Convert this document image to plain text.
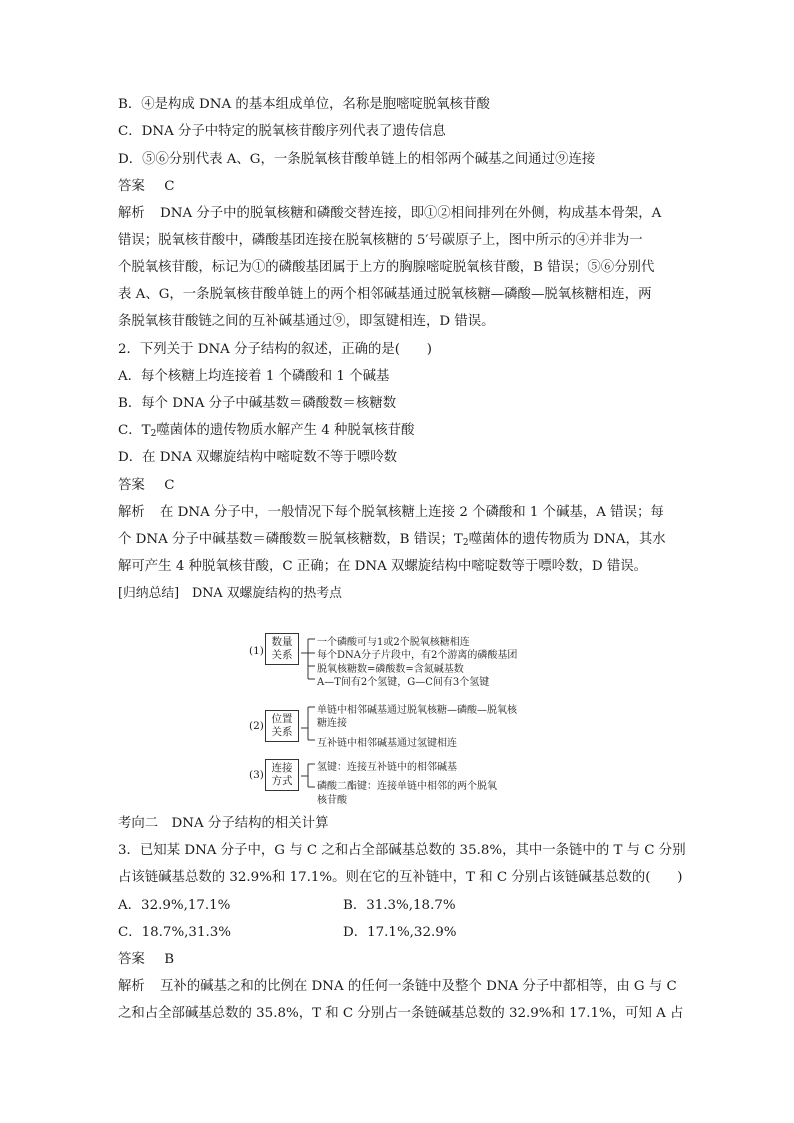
B．④是构成 DNA 的基本组成单位，名称是胞嘧啶脱氧核苷酸
C．DNA 分子中特定的脱氧核苷酸序列代表了遗传信息
D．⑤⑥分别代表 A、G，一条脱氧核苷酸单链上的相邻两个碱基之间通过⑨连接
答案 C
解析 DNA 分子中的脱氧核糖和磷酸交替连接，即①②相间排列在外侧，构成基本骨架，A
错误；脱氧核苷酸中，磷酸基团连接在脱氧核糖的 5′号碳原子上，图中所示的④并非为一
个脱氧核苷酸，标记为①的磷酸基团属于上方的胸腺嘧啶脱氧核苷酸，B 错误；⑤⑥分别代
表 A、G，一条脱氧核苷酸单链上的两个相邻碱基通过脱氧核糖—磷酸—脱氧核糖相连，两
条脱氧核苷酸链之间的互补碱基通过⑨，即氢键相连，D 错误。
2．下列关于 DNA 分子结构的叙述，正确的是(　　)
A．每个核糖上均连接着 1 个磷酸和 1 个碱基
B．每个 DNA 分子中碱基数＝磷酸数＝核糖数
C．$T_2$噬菌体的遗传物质水解产生 4 种脱氧核苷酸
D．在 DNA 双螺旋结构中嘧啶数不等于嘌呤数
答案 C
解析 在 DNA 分子中，一般情况下每个脱氧核糖上连接 2 个磷酸和 1 个碱基，A 错误；每
个 DNA 分子中碱基数＝磷酸数＝脱氧核糖数，B 错误；$T_2$噬菌体的遗传物质为 DNA，其水
解可产生 4 种脱氧核苷酸，C 正确；在 DNA 双螺旋结构中嘧啶数等于嘌呤数，D 错误。
[归纳总结]　DNA 双螺旋结构的热考点
(1)
数量
关系
一个磷酸可与1或2个脱氧核糖相连
每个DNA分子片段中，有2个游离的磷酸基团
脱氧核糖数=磷酸数=含氮碱基数
A—T间有2个氢键，G—C间有3个氢键
(2)
位置
关系
单链中相邻碱基通过脱氧核糖—磷酸—脱氧核
糖连接
互补链中相邻碱基通过氢键相连
(3)
连接
方式
氢键：连接互补链中的相邻碱基
磷酸二酯键：连接单链中相邻的两个脱氧
核苷酸
考向二　DNA 分子结构的相关计算
3．已知某 DNA 分子中，G 与 C 之和占全部碱基总数的 35.8%，其中一条链中的 T 与 C 分别
占该链碱基总数的 32.9%和 17.1%。则在它的互补链中，T 和 C 分别占该链碱基总数的(　　)
A．32.9%,17.1%	B．31.3%,18.7%
C．18.7%,31.3%	D．17.1%,32.9%
答案 B
解析 互补的碱基之和的比例在 DNA 的任何一条链中及整个 DNA 分子中都相等，由 G 与 C
之和占全部碱基总数的 35.8%，T 和 C 分别占一条链碱基总数的 32.9%和 17.1%，可知 A 占
